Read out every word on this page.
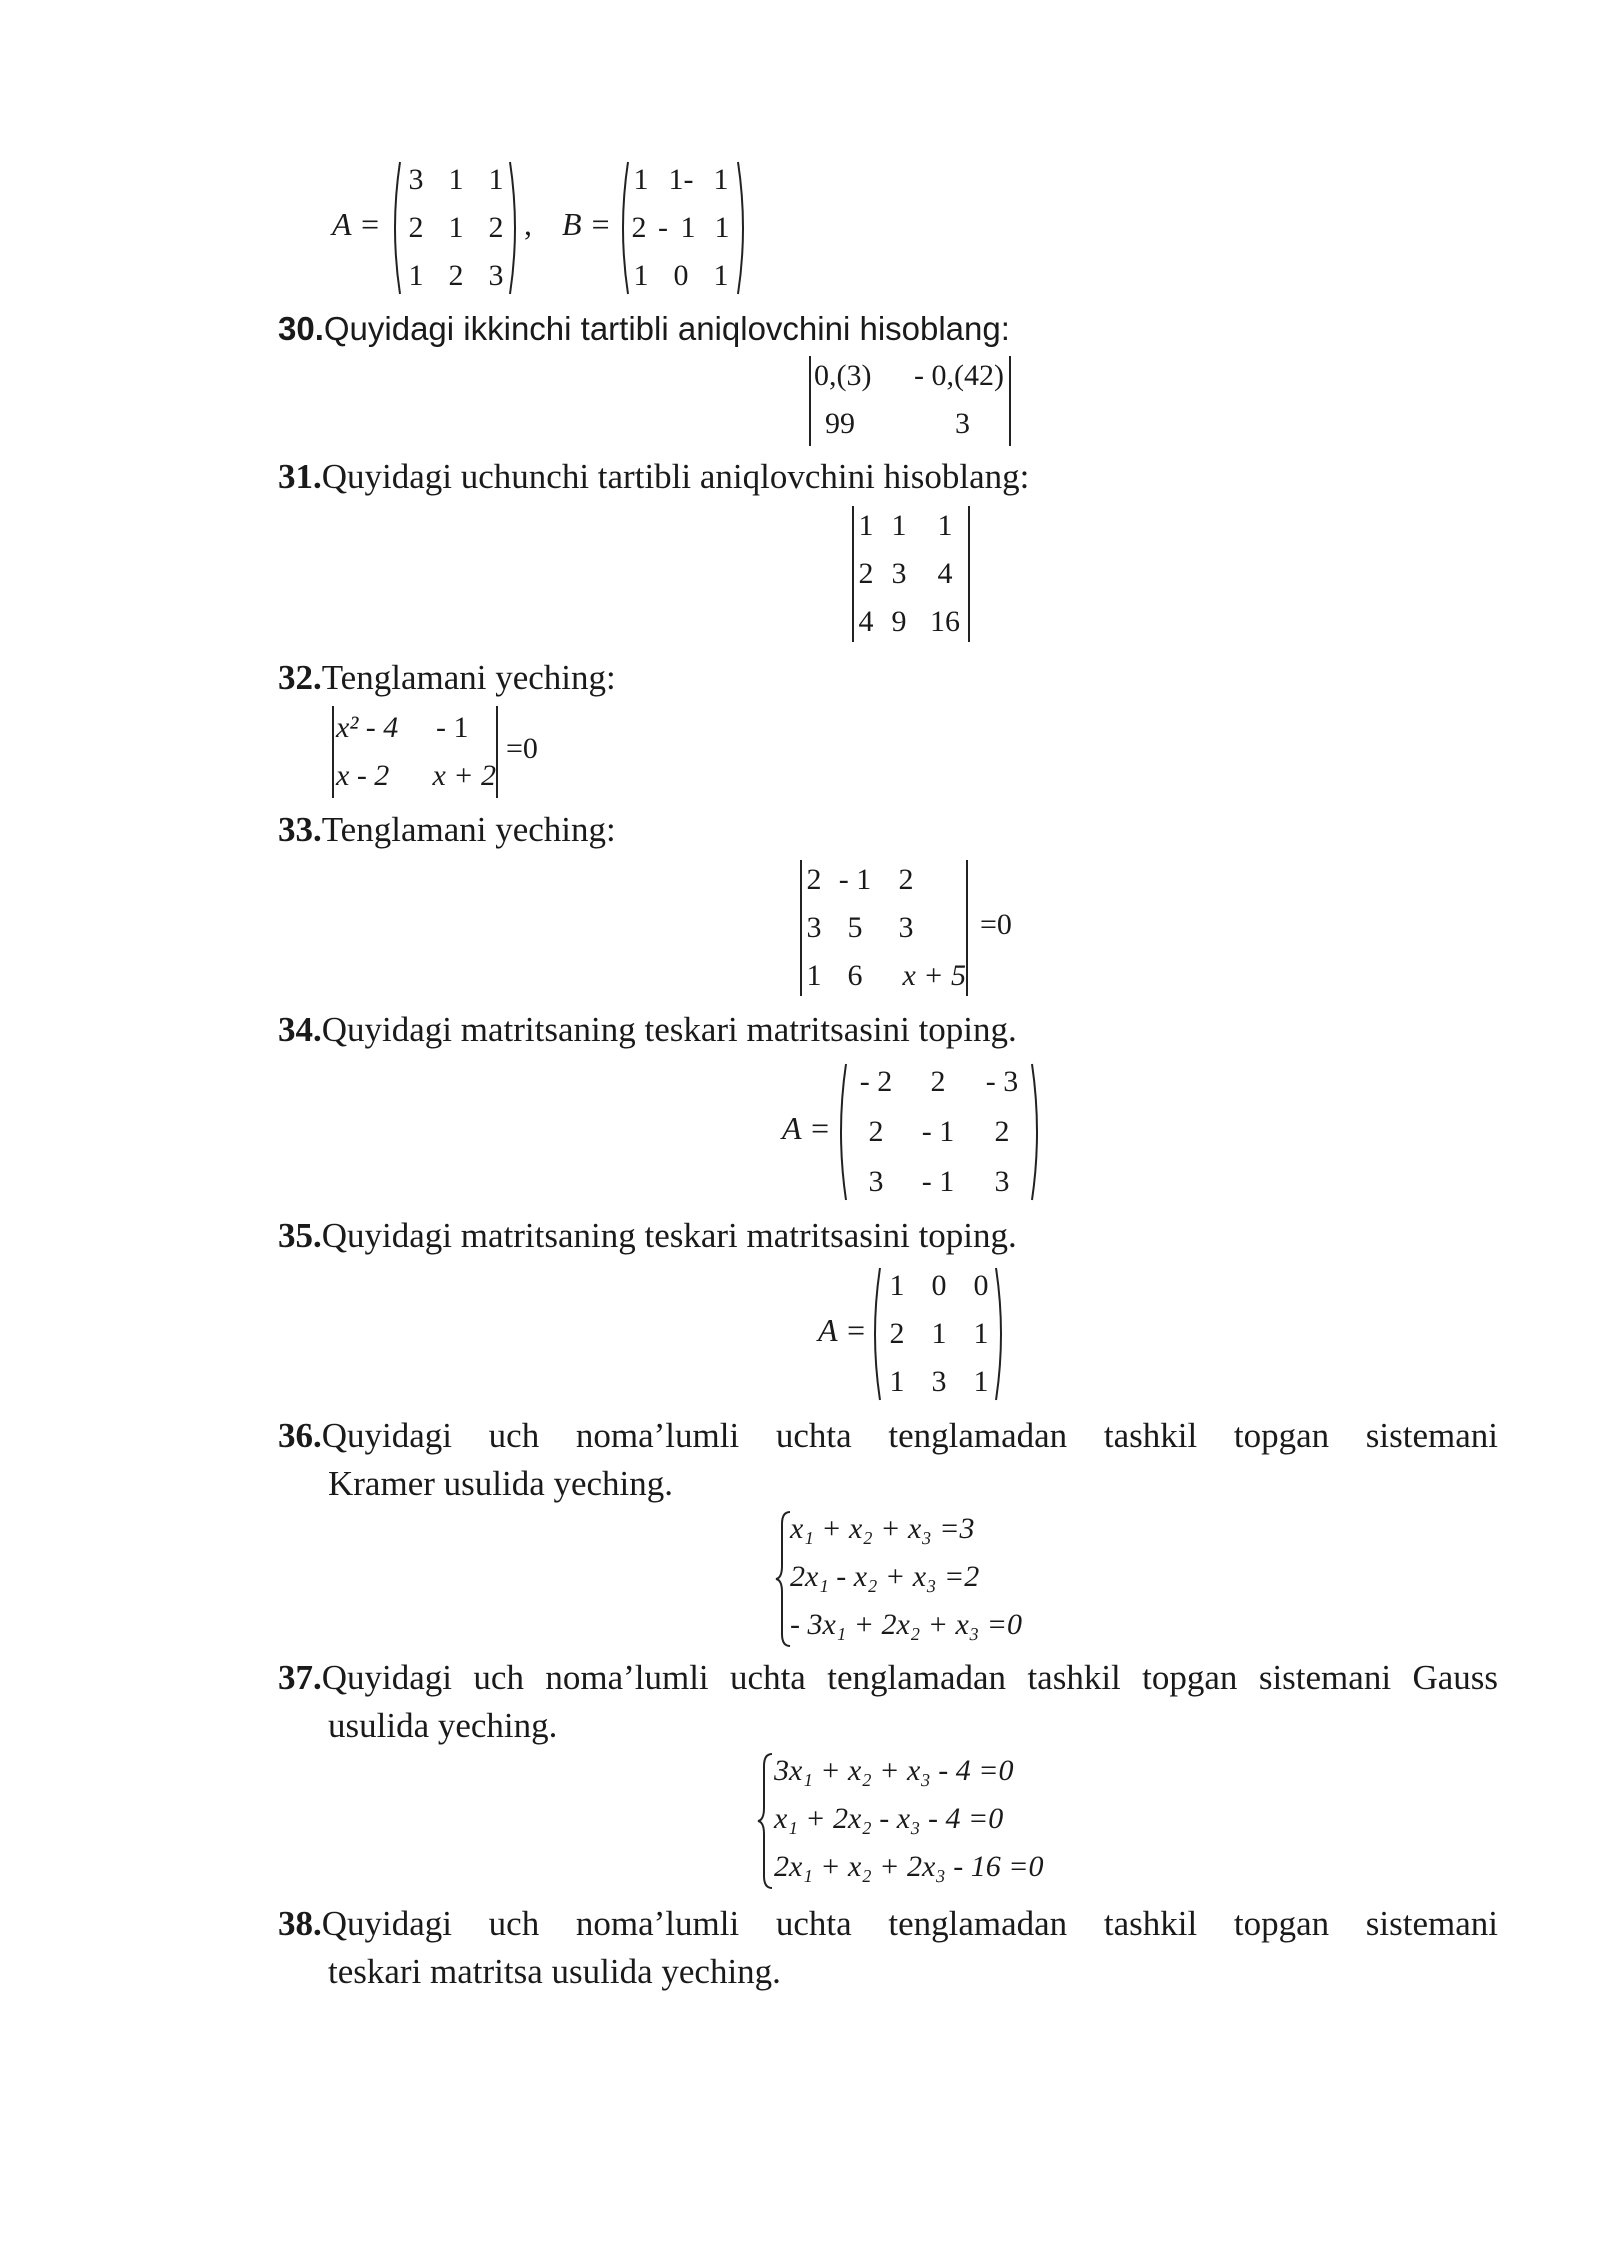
A =
3 1 1
2 1 2
1 2 3
, B =
1 1- 1
2 - 1 1
1 0 1
30.Quyidagi ikkinchi tartibli aniqlovchini hisoblang:
0,(3)	- 0,(42)
99	3
31.Quyidagi uchunchi tartibli aniqlovchini hisoblang:
1 1	1
2 3	4
4 9 16
32.Tenglamani yeching:
x² - 4	- 1
x - 2	x + 2
=0
33.Tenglamani yeching:
2 - 1 2
3 5	3
1 6	x + 5
=0
34.Quyidagi matritsaning teskari matritsasini toping.
A =
- 2	2	- 3
2	- 1	2
3	- 1	3
35.Quyidagi matritsaning teskari matritsasini toping.
A =
1 0 0
2 1 1
1 3 1
36.Quyidagi uch noma’lumli uchta tenglamadan tashkil topgan sistemani
Kramer usulida yeching.
x₁ + x₂ + x₃ =3
2x₁ - x₂ + x₃ =2
- 3x₁ + 2x₂ + x₃ =0
37.Quyidagi uch noma’lumli uchta tenglamadan tashkil topgan sistemani Gauss
usulida yeching.
3x₁ + x₂ + x₃ - 4 =0
x₁ + 2x₂ - x₃ - 4 =0
2x₁ + x₂ + 2x₃ - 16 =0
38.Quyidagi uch noma’lumli uchta tenglamadan tashkil topgan sistemani
teskari matritsa usulida yeching.
